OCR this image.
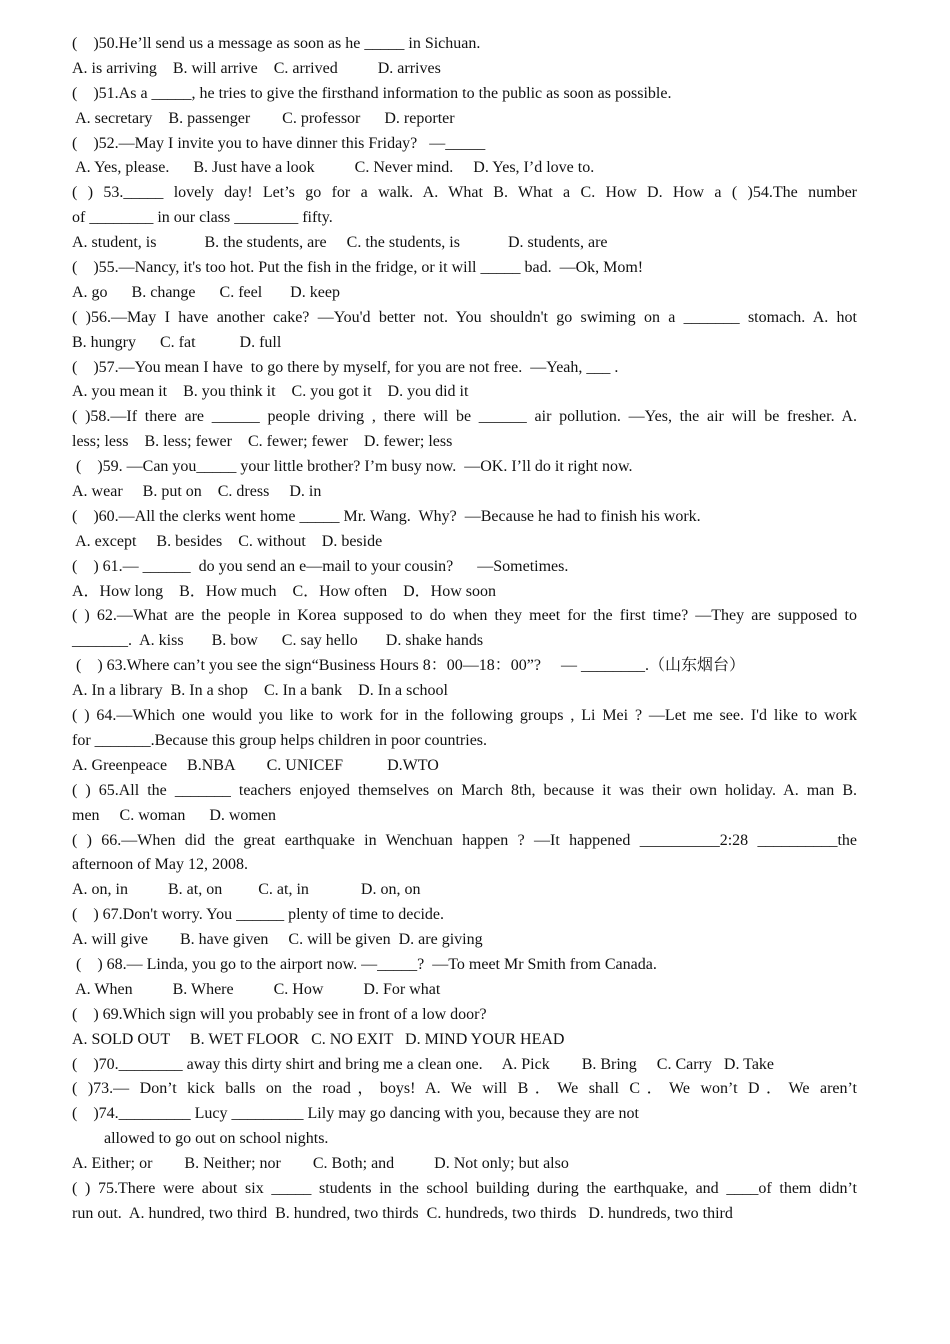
(    )50.He’ll send us a message as soon as he _____ in Sichuan.
A. is arriving    B. will arrive    C. arrived          D. arrives
(    )51.As a _____, he tries to give the firsthand information to the public as soon as possible.
A. secretary    B. passenger        C. professor      D. reporter
(    )52.—May I invite you to have dinner this Friday?   —_____
A. Yes, please.      B. Just have a look          C. Never mind.     D. Yes, I’d love to.
( ) 53._____ lovely day! Let’s go for a walk. A. What B. What a C. How D. How a ( )54.The number
of ________ in our class ________ fifty.
A. student, is            B. the students, are     C. the students, is            D. students, are
(    )55.—Nancy, it's too hot. Put the fish in the fridge, or it will _____ bad.  —Ok, Mom!
A. go      B. change      C. feel       D. keep
( )56.—May I have another cake? —You'd better not. You shouldn't go swiming on a _______ stomach. A. hot
B. hungry      C. fat           D. full
(    )57.—You mean I have  to go there by myself, for you are not free.  —Yeah, ___ .
A. you mean it    B. you think it    C. you got it    D. you did it
( )58.—If there are ______ people driving , there will be ______ air pollution. —Yes, the air will be fresher. A.
less; less    B. less; fewer    C. fewer; fewer    D. fewer; less
(    )59. —Can you_____ your little brother? I’m busy now.  —OK. I’ll do it right now.
A. wear     B. put on    C. dress     D. in
(    )60.—All the clerks went home _____ Mr. Wang.  Why?  —Because he had to finish his work.
A. except     B. besides    C. without    D. beside
(    ) 61.— ______  do you send an e—mail to your cousin?      —Sometimes.
A．How long    B．How much    C．How often    D．How soon
( ) 62.—What are the people in Korea supposed to do when they meet for the first time? —They are supposed to
_______.  A. kiss       B. bow      C. say hello       D. shake hands
(    ) 63.Where can’t you see the sign“Business Hours 8：00—18：00”?     — ________.（山东烟台）
A. In a library  B. In a shop    C. In a bank    D. In a school
( ) 64.—Which one would you like to work for in the following groups , Li Mei ? —Let me see. I'd like to work
for _______.Because this group helps children in poor countries.
A. Greenpeace     B.NBA        C. UNICEF           D.WTO
( ) 65.All the _______ teachers enjoyed themselves on March 8th, because it was their own holiday. A. man B.
men     C. woman      D. women
( ) 66.—When did the great earthquake in Wenchuan happen ? —It happened __________2:28 __________the
afternoon of May 12, 2008.
A. on, in          B. at, on         C. at, in             D. on, on
(    ) 67.Don't worry. You ______ plenty of time to decide.
A. will give        B. have given     C. will be given  D. are giving
(    ) 68.— Linda, you go to the airport now. —_____?  —To meet Mr Smith from Canada.
A. When          B. Where          C. How          D. For what
(    ) 69.Which sign will you probably see in front of a low door?
A. SOLD OUT     B. WET FLOOR   C. NO EXIT   D. MIND YOUR HEAD
(    )70.________ away this dirty shirt and bring me a clean one.     A. Pick        B. Bring     C. Carry   D. Take
( )73.— Don’t kick balls on the road，boys! A. We will B．We shall C．We won’t D．We aren’t
(    )74._________ Lucy _________ Lily may go dancing with you, because they are not
allowed to go out on school nights.
A. Either; or        B. Neither; nor        C. Both; and          D. Not only; but also
( ) 75.There were about six _____ students in the school building during the earthquake, and ____of them didn’t
run out.  A. hundred, two third  B. hundred, two thirds  C. hundreds, two thirds   D. hundreds, two third
